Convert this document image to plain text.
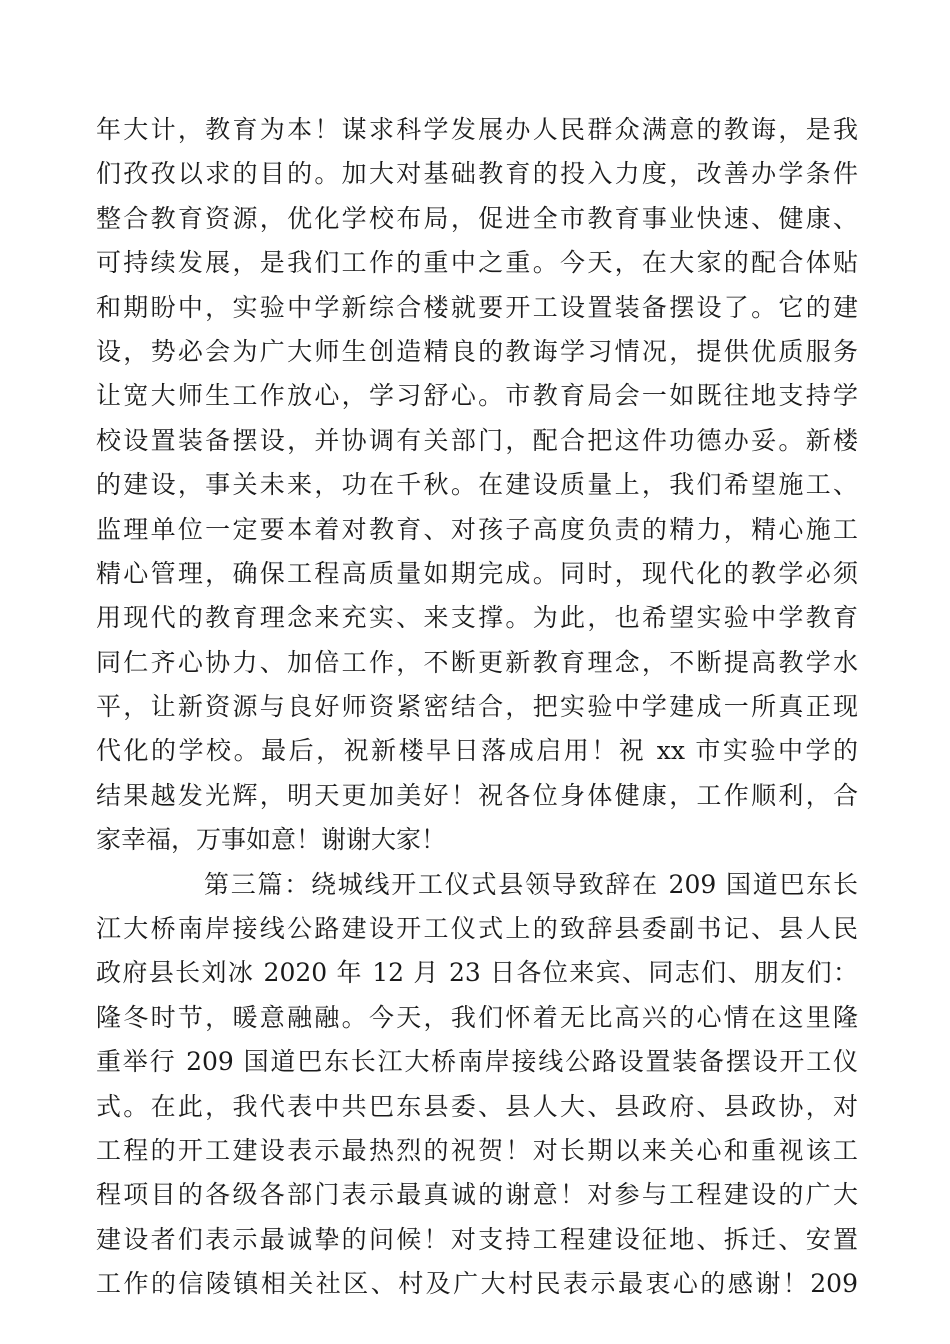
年大计，教育为本！谋求科学发展办人民群众满意的教诲，是我
们孜孜以求的目的。加大对基础教育的投入力度，改善办学条件
整合教育资源，优化学校布局，促进全市教育事业快速、健康、
可持续发展，是我们工作的重中之重。今天，在大家的配合体贴
和期盼中，实验中学新综合楼就要开工设置装备摆设了。它的建
设，势必会为广大师生创造精良的教诲学习情况，提供优质服务
让宽大师生工作放心，学习舒心。市教育局会一如既往地支持学
校设置装备摆设，并协调有关部门，配合把这件功德办妥。新楼
的建设，事关未来，功在千秋。在建设质量上，我们希望施工、
监理单位一定要本着对教育、对孩子高度负责的精力，精心施工
精心管理，确保工程高质量如期完成。同时，现代化的教学必须
用现代的教育理念来充实、来支撑。为此，也希望实验中学教育
同仁齐心协力、加倍工作，不断更新教育理念，不断提高教学水
平，让新资源与良好师资紧密结合，把实验中学建成一所真正现
代化的学校。最后，祝新楼早日落成启用！祝 xx 市实验中学的
结果越发光辉，明天更加美好！祝各位身体健康，工作顺利，合
家幸福，万事如意！谢谢大家！
第三篇：绕城线开工仪式县领导致辞在 209 国道巴东长
江大桥南岸接线公路建设开工仪式上的致辞县委副书记、县人民
政府县长刘冰 2020 年 12 月 23 日各位来宾、同志们、朋友们：
隆冬时节，暖意融融。今天，我们怀着无比高兴的心情在这里隆
重举行 209 国道巴东长江大桥南岸接线公路设置装备摆设开工仪
式。在此，我代表中共巴东县委、县人大、县政府、县政协，对
工程的开工建设表示最热烈的祝贺！对长期以来关心和重视该工
程项目的各级各部门表示最真诚的谢意！对参与工程建设的广大
建设者们表示最诚挚的问候！对支持工程建设征地、拆迁、安置
工作的信陵镇相关社区、村及广大村民表示最衷心的感谢！209
